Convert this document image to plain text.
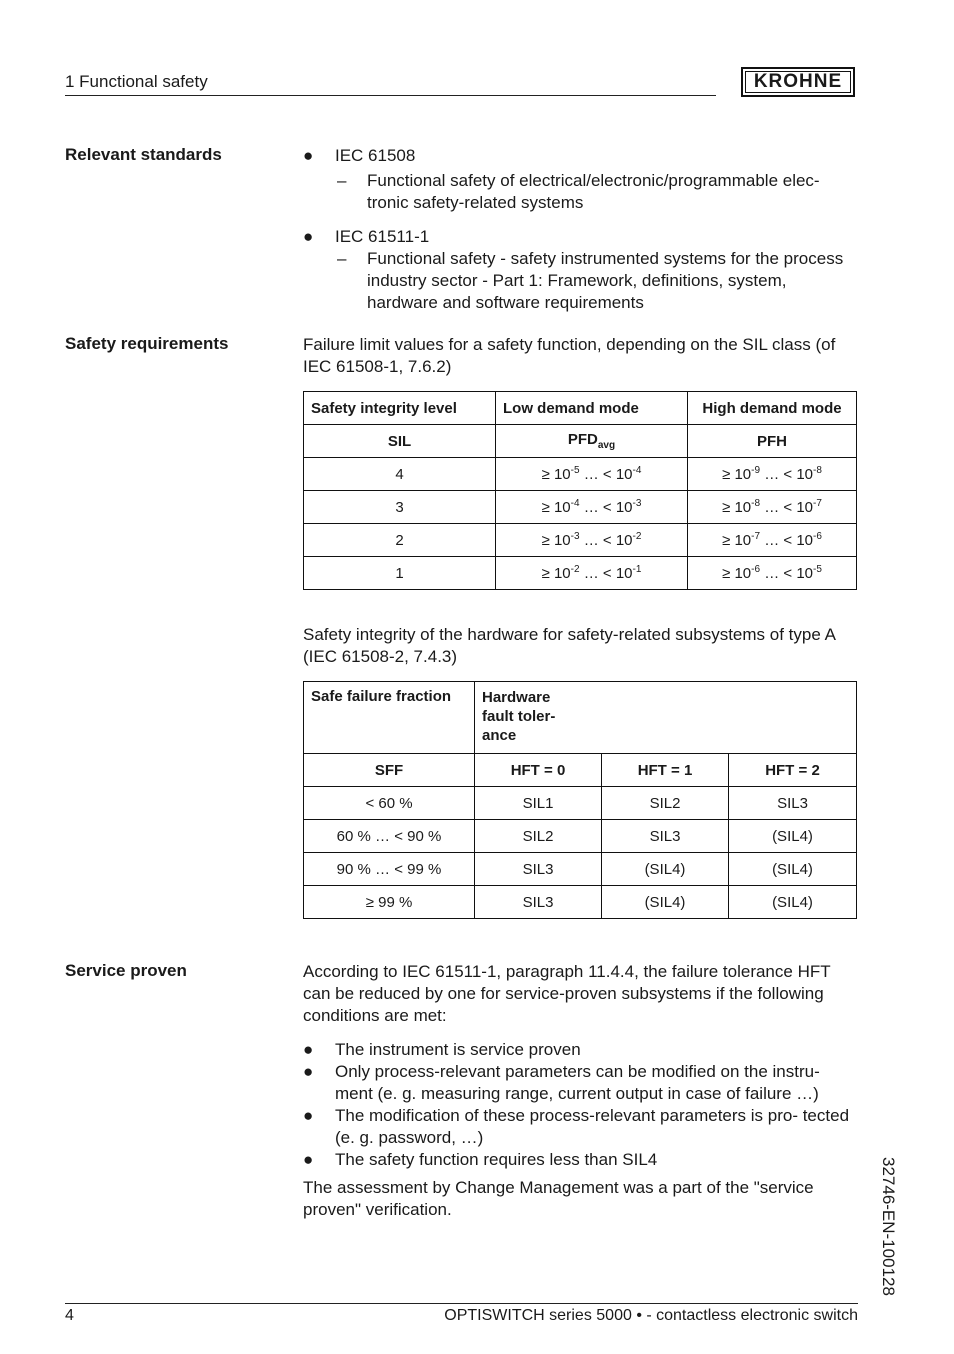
1 Functional safety	KROHNE
Relevant standards	● IEC 61508
– Functional safety of electrical/electronic/programmable elec- tronic safety-related systems
● IEC 61511-1
– Functional safety - safety instrumented systems for the process industry sector - Part 1: Framework, definitions, system, hardware and software requirements
Safety requirements	Failure limit values for a safety function, depending on the SIL class (of IEC 61508-1, 7.6.2)
Safety integrity level	Low demand mode	High demand mode
SIL	$PFD_{avg}$	PFH
4	≥ $10^{-5}$ … < $10^{-4}$	≥ $10^{-9}$ … < $10^{-8}$
3	≥ $10^{-4}$ … < $10^{-3}$	≥ $10^{-8}$ … < $10^{-7}$
2	≥ $10^{-3}$ … < $10^{-2}$	≥ $10^{-7}$ … < $10^{-6}$
1	≥ $10^{-2}$ … < $10^{-1}$	≥ $10^{-6}$ … < $10^{-5}$
Safety integrity of the hardware for safety-related subsystems of type A (IEC 61508-2, 7.4.3)
Safe failure fraction	Hardware fault toler- ance		

SFF	HFT = 0	HFT = 1	HFT = 2
< 60 %	SIL1	SIL2	SIL3
60 % … < 90 %	SIL2	SIL3	(SIL4)
90 % … < 99 %	SIL3	(SIL4)	(SIL4)
≥ 99 %	SIL3	(SIL4)	(SIL4)
Service proven	According to IEC 61511-1, paragraph 11.4.4, the failure tolerance HFT can be reduced by one for service-proven subsystems if the following conditions are met:
● The instrument is service proven
● Only process-relevant parameters can be modified on the instru- ment (e. g. measuring range, current output in case of failure …)
● The modification of these process-relevant parameters is pro- tected (e. g. password, …)
● The safety function requires less than SIL4
The assessment by Change Management was a part of the "service proven" verification.	32746-EN-100128
4	OPTISWITCH series 5000 • - contactless electronic switch
